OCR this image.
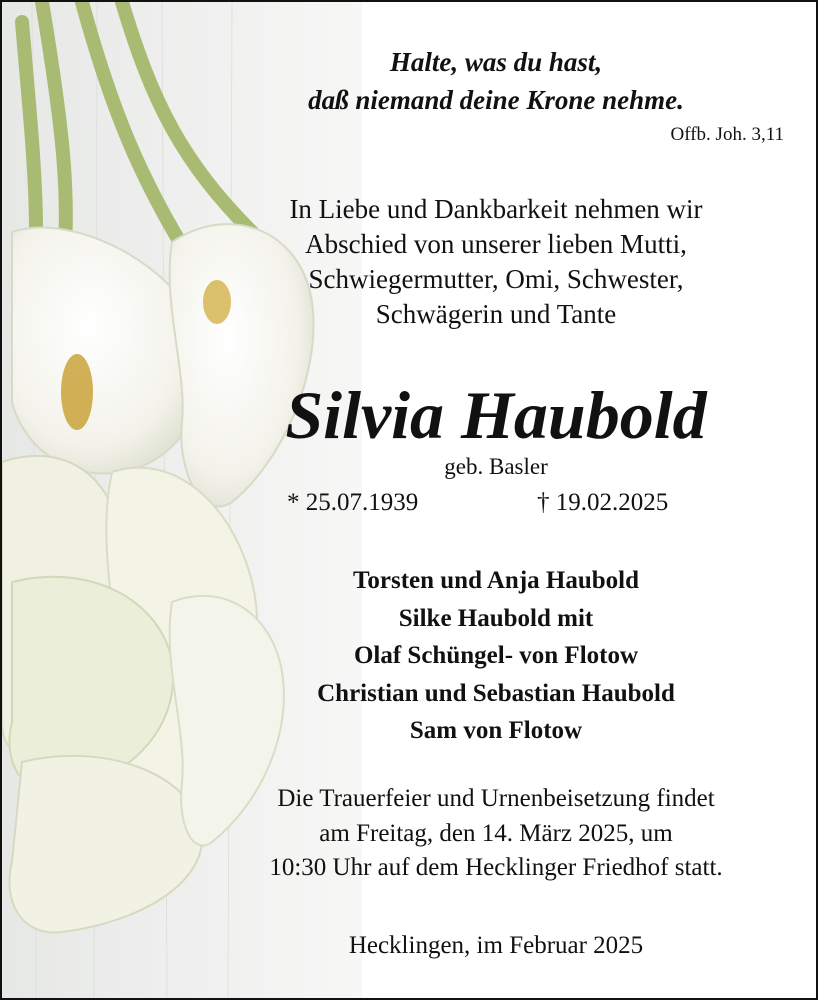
Halte, was du hast,
daß niemand deine Krone nehme.
Offb. Joh. 3,11
In Liebe und Dankbarkeit nehmen wir
Abschied von unserer lieben Mutti,
Schwiegermutter, Omi, Schwester,
Schwägerin und Tante
Silvia Haubold
geb. Basler
* 25.07.1939	† 19.02.2025
Torsten und Anja Haubold
Silke Haubold mit
Olaf Schüngel- von Flotow
Christian und Sebastian Haubold
Sam von Flotow
Die Trauerfeier und Urnenbeisetzung findet
am Freitag, den 14. März 2025, um
10:30 Uhr auf dem Hecklinger Friedhof statt.
Hecklingen, im Februar 2025
